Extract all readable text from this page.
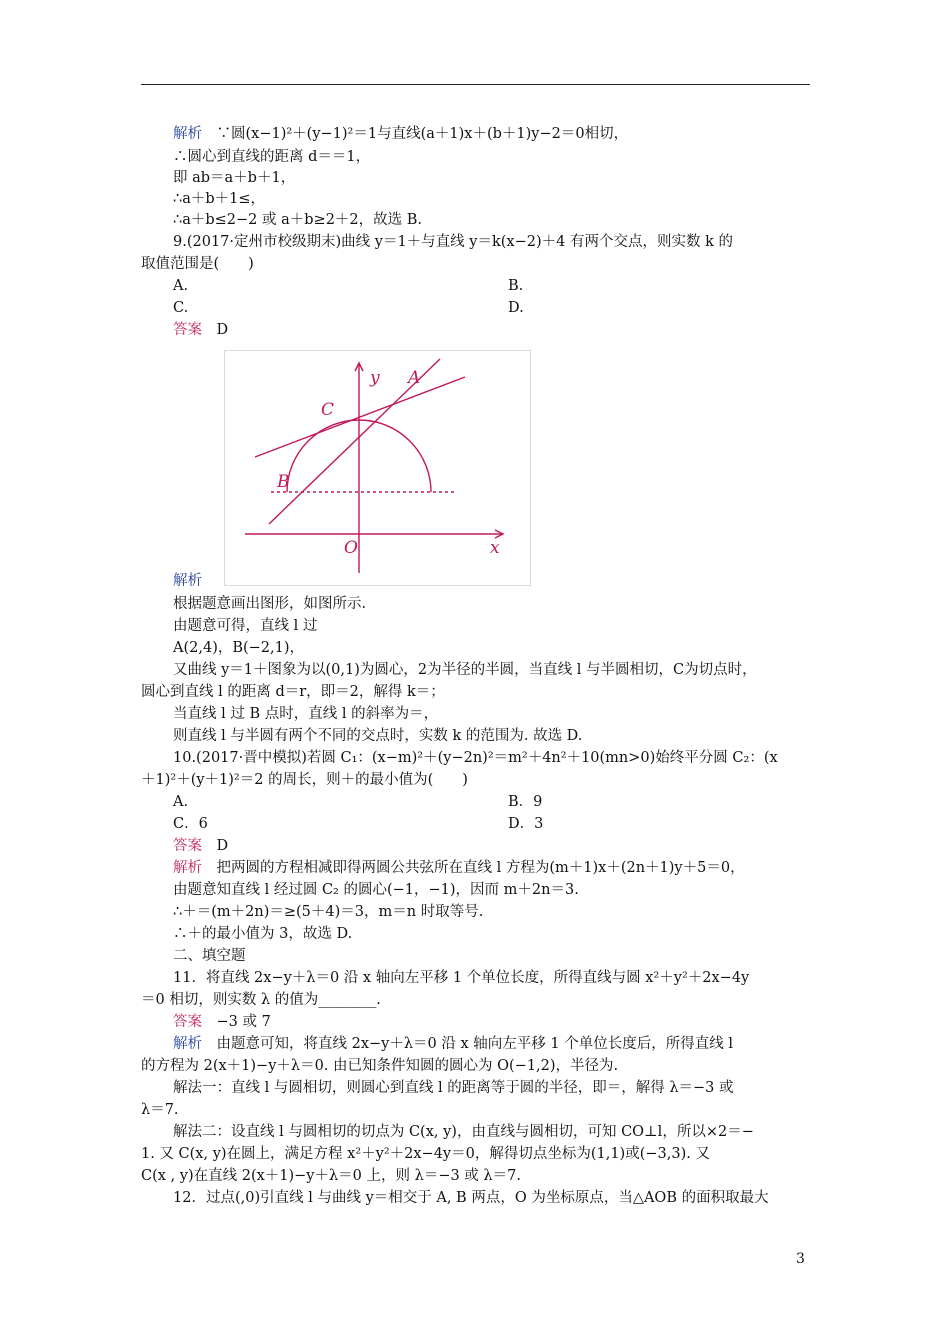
解析　∵圆(x−1)²＋(y−1)²＝1与直线(a＋1)x＋(b＋1)y−2＝0相切，
∴圆心到直线的距离 d＝＝1，
即 ab＝a＋b＋1，
∴a＋b＋1≤，
∴a＋b≤2−2 或 a＋b≥2＋2，故选 B.
9.(2017·定州市校级期末)曲线 y＝1＋与直线 y＝k(x−2)＋4 有两个交点，则实数 k 的
取值范围是(　　)
A.	B.
C.	D.
答案　D
y
x
A
B
C
O
解析
根据题意画出图形，如图所示.
由题意可得，直线 l 过
A(2,4)，B(−2,1)，
又曲线 y＝1＋图象为以(0,1)为圆心，2为半径的半圆，当直线 l 与半圆相切，C为切点时，
圆心到直线 l 的距离 d＝r，即＝2，解得 k＝；
当直线 l 过 B 点时，直线 l 的斜率为＝，
则直线 l 与半圆有两个不同的交点时，实数 k 的范围为. 故选 D.
10.(2017·晋中模拟)若圆 C₁：(x−m)²＋(y−2n)²＝m²＋4n²＋10(mn>0)始终平分圆 C₂：(x
＋1)²＋(y＋1)²＝2 的周长，则＋的最小值为(　　)
A.	B．9
C．6	D．3
答案　D
解析　把两圆的方程相减即得两圆公共弦所在直线 l 方程为(m＋1)x＋(2n＋1)y＋5＝0，
由题意知直线 l 经过圆 C₂ 的圆心(−1，−1)，因而 m＋2n＝3.
∴＋＝(m＋2n)＝≥(5＋4)＝3，m＝n 时取等号.
∴＋的最小值为 3，故选 D.
二、填空题
11．将直线 2x−y＋λ＝0 沿 x 轴向左平移 1 个单位长度，所得直线与圆 x²＋y²＋2x−4y
＝0 相切，则实数 λ 的值为________.
答案　−3 或 7
解析　由题意可知，将直线 2x−y＋λ＝0 沿 x 轴向左平移 1 个单位长度后，所得直线 l
的方程为 2(x＋1)−y＋λ＝0. 由已知条件知圆的圆心为 O(−1,2)，半径为.
解法一：直线 l 与圆相切，则圆心到直线 l 的距离等于圆的半径，即＝，解得 λ＝−3 或
λ＝7.
解法二：设直线 l 与圆相切的切点为 C(x, y)，由直线与圆相切，可知 CO⊥l，所以×2＝−
1. 又 C(x, y)在圆上，满足方程 x²＋y²＋2x−4y＝0，解得切点坐标为(1,1)或(−3,3). 又
C(x , y)在直线 2(x＋1)−y＋λ＝0 上，则 λ＝−3 或 λ＝7.
12．过点(,0)引直线 l 与曲线 y＝相交于 A, B 两点，O 为坐标原点，当△AOB 的面积取最大
3
